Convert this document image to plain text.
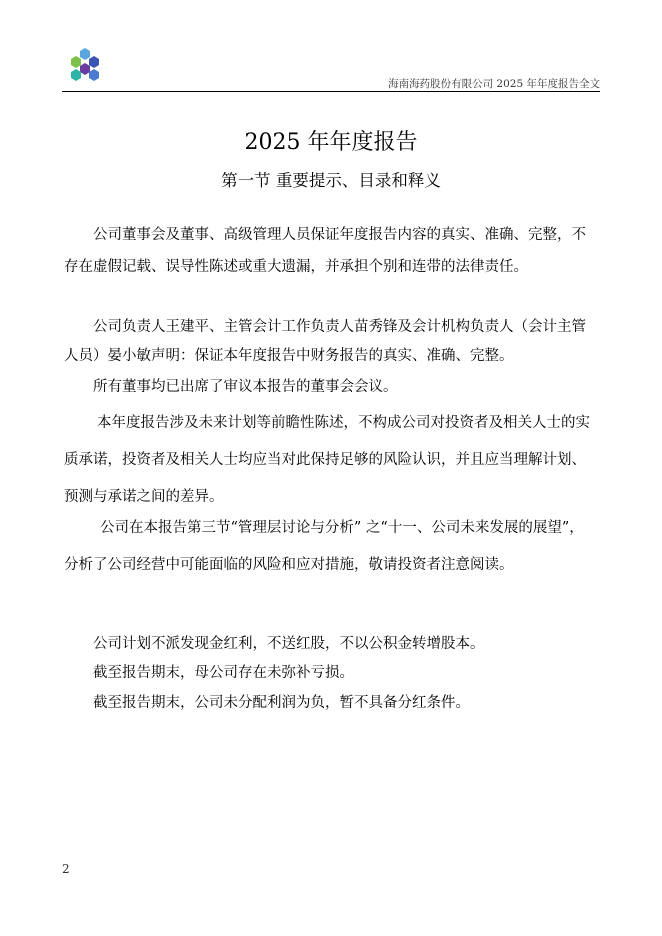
海南海药股份有限公司 2025 年年度报告全文
2025 年年度报告
第一节 重要提示、目录和释义

公司董事会及董事、高级管理人员保证年度报告内容的真实、准确、完整，不存在虚假记载、误导性陈述或重大遗漏，并承担个别和连带的法律责任。

公司负责人王建平、主管会计工作负责人苗秀锋及会计机构负责人（会计主管人员）晏小敏声明：保证本年度报告中财务报告的真实、准确、完整。

所有董事均已出席了审议本报告的董事会会议。

本年度报告涉及未来计划等前瞻性陈述，不构成公司对投资者及相关人士的实质承诺，投资者及相关人士均应当对此保持足够的风险认识，并且应当理解计划、预测与承诺之间的差异。

公司在本报告第三节“管理层讨论与分析” 之“十一、公司未来发展的展望”，分析了公司经营中可能面临的风险和应对措施，敬请投资者注意阅读。

公司计划不派发现金红利，不送红股，不以公积金转增股本。

截至报告期末，母公司存在未弥补亏损。

截至报告期末，公司未分配利润为负，暂不具备分红条件。

2
